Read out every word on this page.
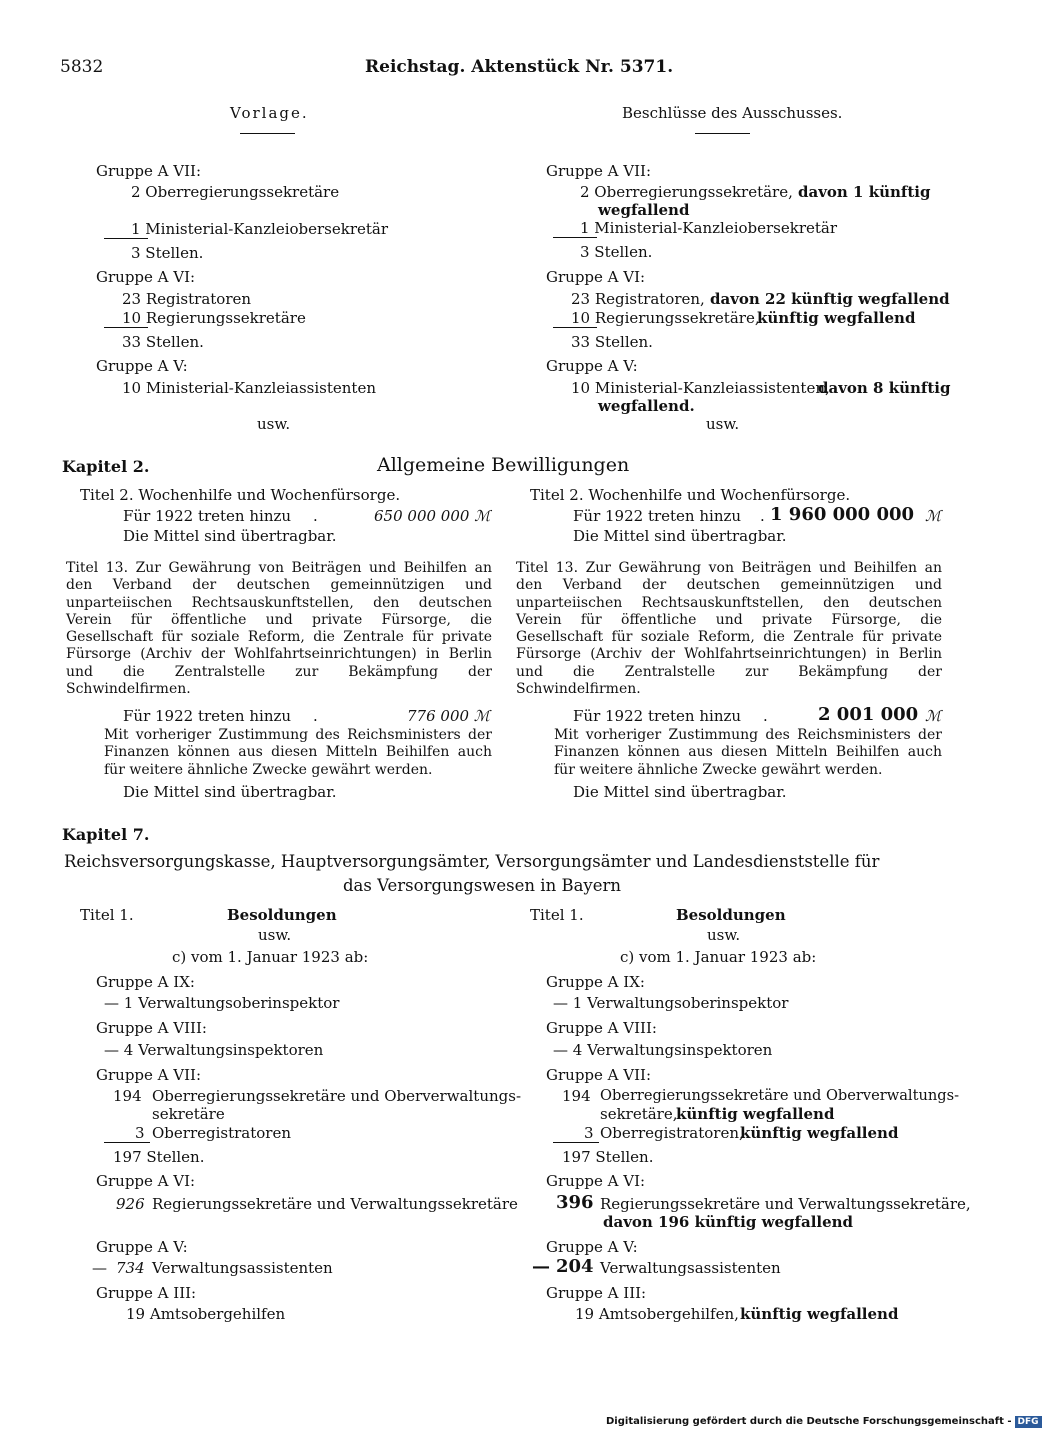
5832	Reichstag. Aktenstück Nr. 5371.
Vorlage.	Beschlüsse des Ausschusses.
Gruppe A VII:
2 Oberregierungssekretäre
1 Ministerial-Kanzleiobersekretär
3 Stellen.
Gruppe A VI:
23 Registratoren
10 Regierungssekretäre
33 Stellen.
Gruppe A V:
10 Ministerial-Kanzleiassistenten
usw.
Gruppe A VII:
2 Oberregierungssekretäre, davon 1 künftig
wegfallend
1 Ministerial-Kanzleiobersekretär
3 Stellen.
Gruppe A VI:
23 Registratoren, davon 22 künftig wegfallend
10 Regierungssekretäre,
künftig wegfallend
33 Stellen.
Gruppe A V:
10 Ministerial-Kanzleiassistenten,
davon 8 künftig
wegfallend.
usw.
Kapitel 2.	Allgemeine Bewilligungen
Titel 2. Wochenhilfe und Wochenfürsorge.
Für 1922 treten hinzu .	650 000 000 ℳ
Die Mittel sind übertragbar.
Titel 13. Zur Gewährung von Beiträgen und Beihilfen an den Verband der deutschen gemeinnützigen und unparteiischen Rechtsauskunftstellen, den deutschen Verein für öffentliche und private Fürsorge, die Gesellschaft für soziale Reform, die Zentrale für private Fürsorge (Archiv der Wohlfahrtseinrichtungen) in Berlin und die Zentralstelle zur Bekämpfung der Schwindelfirmen.
Für 1922 treten hinzu .	776 000 ℳ
Mit vorheriger Zustimmung des Reichsministers der Finanzen können aus diesen Mitteln Beihilfen auch für weitere ähnliche Zwecke gewährt werden.
Die Mittel sind übertragbar.
Titel 2. Wochenhilfe und Wochenfürsorge.
Für 1922 treten hinzu . 1 960 000 000 ℳ
Die Mittel sind übertragbar.
Titel 13. Zur Gewährung von Beiträgen und Beihilfen an den Verband der deutschen gemeinnützigen und unparteiischen Rechtsauskunftstellen, den deutschen Verein für öffentliche und private Fürsorge, die Gesellschaft für soziale Reform, die Zentrale für private Fürsorge (Archiv der Wohlfahrtseinrichtungen) in Berlin und die Zentralstelle zur Bekämpfung der Schwindelfirmen.
Für 1922 treten hinzu .	2 001 000 ℳ
Mit vorheriger Zustimmung des Reichsministers der Finanzen können aus diesen Mitteln Beihilfen auch für weitere ähnliche Zwecke gewährt werden.
Die Mittel sind übertragbar.
Kapitel 7.
Reichsversorgungskasse, Hauptversorgungsämter, Versorgungsämter und Landesdienststelle für
das Versorgungswesen in Bayern
Titel 1.	Besoldungen
usw.
c) vom 1. Januar 1923 ab:
Gruppe A IX:
— 1 Verwaltungsoberinspektor
Gruppe A VIII:
— 4 Verwaltungsinspektoren
Gruppe A VII:
194 Oberregierungssekretäre und Oberverwaltungs-
sekretäre
3 Oberregistratoren
197 Stellen.
Gruppe A VI:
926 Regierungssekretäre und Verwaltungssekretäre
Gruppe A V:
— 734 Verwaltungsassistenten
Gruppe A III:
19 Amtsobergehilfen
Titel 1.	Besoldungen
usw.
c) vom 1. Januar 1923 ab:
Gruppe A IX:
— 1 Verwaltungsoberinspektor
Gruppe A VIII:
— 4 Verwaltungsinspektoren
Gruppe A VII:
194 Oberregierungssekretäre und Oberverwaltungs-
sekretäre,
künftig wegfallend
3 Oberregistratoren,
künftig wegfallend
197 Stellen.
Gruppe A VI:
396 Regierungssekretäre und Verwaltungssekretäre,
davon 196 künftig wegfallend
Gruppe A V:
— 204 Verwaltungsassistenten
Gruppe A III:
19 Amtsobergehilfen, künftig wegfallend
Digitalisierung gefördert durch die Deutsche Forschungsgemeinschaft - DFG
